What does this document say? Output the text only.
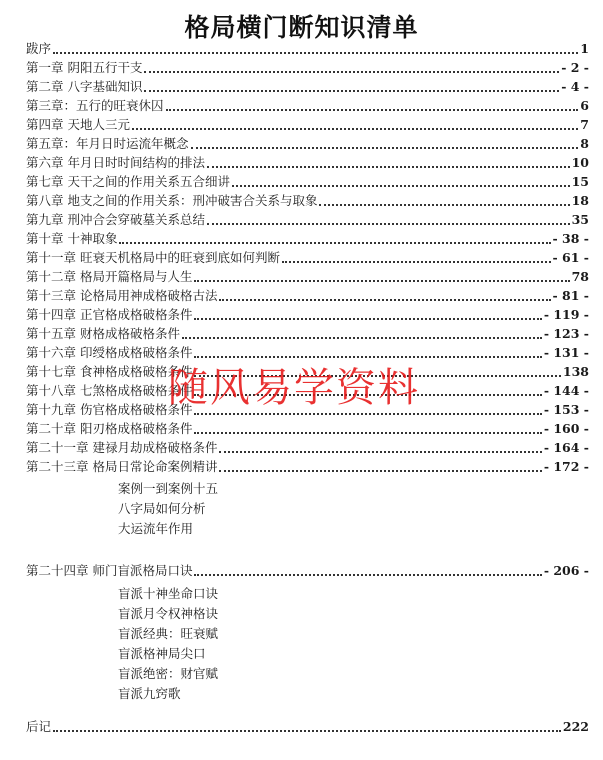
格局横门断知识清单
跋序	1
第一章 阴阳五行干支	- 2 -
第二章 八字基础知识	- 4 -
第三章：五行的旺衰休囚	6
第四章 天地人三元	7
第五章：年月日时运流年概念	8
第六章 年月日时时间结构的排法	10
第七章 天干之间的作用关系五合细讲	15
第八章 地支之间的作用关系：刑冲破害合关系与取象	18
第九章 刑冲合会穿破墓关系总结	35
第十章 十神取象	- 38 -
第十一章 旺衰天机格局中的旺衰到底如何判断	- 61 -
第十二章 格局开篇格局与人生	78
第十三章 论格局用神成格破格古法	- 81 -
第十四章 正官格成格破格条件	- 119 -
第十五章 财格成格破格条件	- 123 -
第十六章 印绶格成格破格条件	- 131 -
第十七章 食神格成格破格条件	138
第十八章 七煞格成格破格条件	- 144 -
第十九章 伤官格成格破格条件	- 153 -
第二十章 阳刃格成格破格条件	- 160 -
第二十一章 建禄月劫成格破格条件	- 164 -
第二十三章 格局日常论命案例精讲	- 172 -
案例一到案例十五
八字局如何分析
大运流年作用
第二十四章 师门盲派格局口诀	- 206 -
盲派十神坐命口诀
盲派月令权神格诀
盲派经典：旺衰赋
盲派格神局尖口
盲派绝密：财官赋
盲派九窍歌
后记	222
随风易学资料
